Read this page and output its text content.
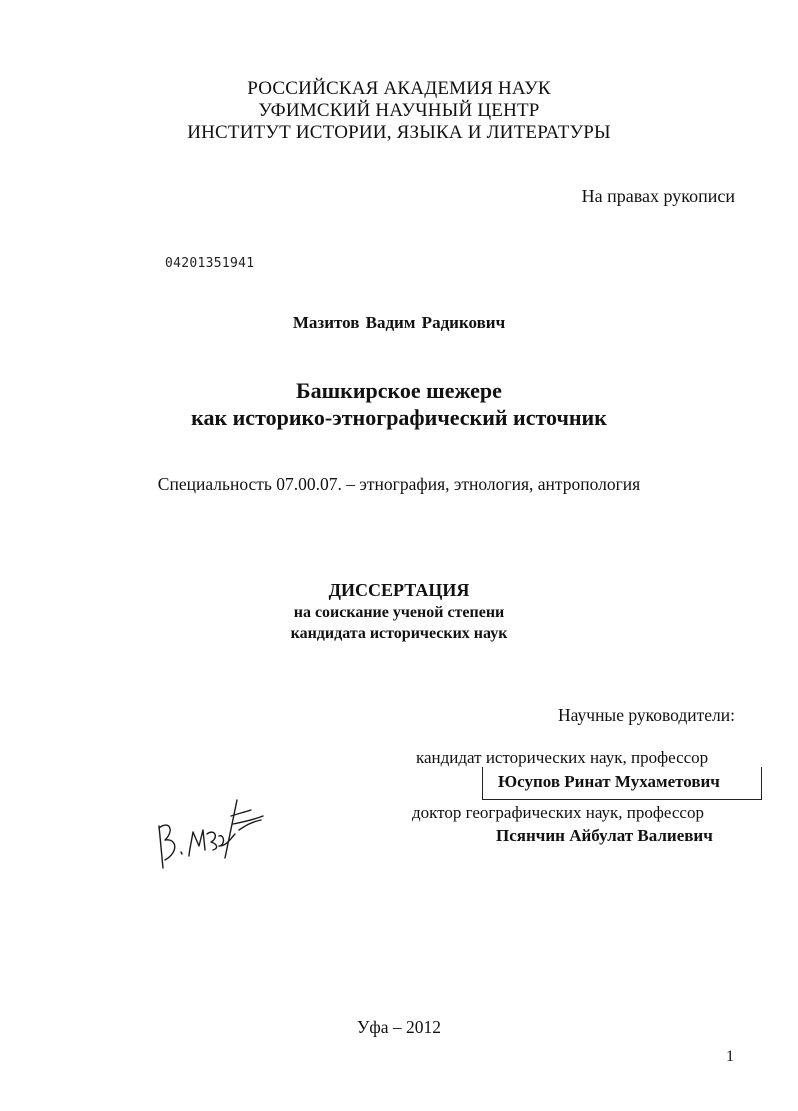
РОССИЙСКАЯ АКАДЕМИЯ НАУК
УФИМСКИЙ НАУЧНЫЙ ЦЕНТР
ИНСТИТУТ ИСТОРИИ, ЯЗЫКА И ЛИТЕРАТУРЫ
На правах рукописи
04201351941
Мазитов Вадим Радикович
Башкирское шежере
как историко-этнографический источник
Специальность 07.00.07. – этнография, этнология, антропология
ДИССЕРТАЦИЯ
на соискание ученой степени
кандидата исторических наук
Научные руководители:
кандидат исторических наук, профессор
Юсупов Ринат Мухаметович
доктор географических наук, профессор
Псянчин Айбулат Валиевич
Уфа – 2012
1
